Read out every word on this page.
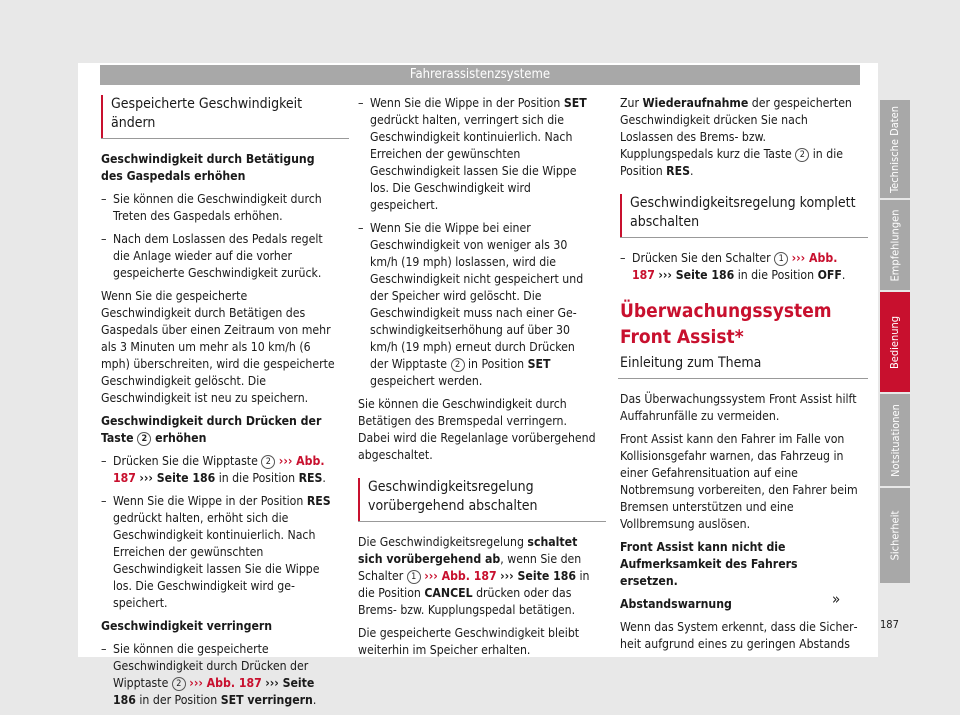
Fahrerassistenzsysteme
Gespeicherte Geschwindigkeit ändern

Geschwindigkeit durch Betätigung des Gaspedals erhöhen

– Sie können die Geschwindigkeit durch Treten des Gaspedals erhöhen.

– Nach dem Loslassen des Pedals regelt die Anlage wieder auf die vorher gespeicherte Geschwindigkeit zurück.

Wenn Sie die gespeicherte Geschwindigkeit durch Betätigen des Gaspedals über einen Zeitraum von mehr als 3 Minuten um mehr als 10 km/h (6 mph) überschreiten, wird die gespeicherte Geschwindigkeit gelöscht. Die Geschwindigkeit ist neu zu speichern.

Geschwindigkeit durch Drücken der Taste 2 erhöhen

– Drücken Sie die Wipptaste 2 ››› Abb. 187 ››› Seite 186 in die Position RES.

– Wenn Sie die Wippe in der Position RES gedrückt halten, erhöht sich die Geschwindigkeit kontinuierlich. Nach Erreichen der gewünschten Geschwindigkeit lassen Sie die Wippe los. Die Geschwindigkeit wird gespeichert.

Geschwindigkeit verringern

– Sie können die gespeicherte Geschwindigkeit durch Drücken der Wipptaste 2 ››› Abb. 187 ››› Seite 186 in der Position SET verringern.

– Wenn Sie die Wippe in der Position SET gedrückt halten, verringert sich die Geschwindigkeit kontinuierlich. Nach Erreichen der gewünschten Geschwindigkeit lassen Sie die Wippe los. Die Geschwindigkeit wird gespeichert.

– Wenn Sie die Wippe bei einer Geschwindigkeit von weniger als 30 km/h (19 mph) loslassen, wird die Geschwindigkeit nicht gespeichert und der Speicher wird gelöscht. Die Geschwindigkeit muss nach einer Geschwindigkeitserhöhung auf über 30 km/h (19 mph) erneut durch Drücken der Wipptaste 2 in Position SET gespeichert werden.

Sie können die Geschwindigkeit durch Betätigen des Bremspedal verringern. Dabei wird die Regelanlage vorübergehend abgeschaltet.

Geschwindigkeitsregelung vorübergehend abschalten

Die Geschwindigkeitsregelung schaltet sich vorübergehend ab, wenn Sie den Schalter 1 ››› Abb. 187 ››› Seite 186 in die Position CANCEL drücken oder das Brems- bzw. Kupplungspedal betätigen.

Die gespeicherte Geschwindigkeit bleibt weiterhin im Speicher erhalten.

Zur Wiederaufnahme der gespeicherten Geschwindigkeit drücken Sie nach Loslassen des Brems- bzw. Kupplungspedals kurz die Taste 2 in die Position RES.

Geschwindigkeitsregelung komplett abschalten

– Drücken Sie den Schalter 1 ››› Abb. 187 ››› Seite 186 in die Position OFF.

Überwachungssystem Front Assist*
Einleitung zum Thema

Das Überwachungssystem Front Assist hilft Auffahrunfälle zu vermeiden.

Front Assist kann den Fahrer im Falle von Kollisionsgefahr warnen, das Fahrzeug in einer Gefahrensituation auf eine Notbremsung vorbereiten, den Fahrer beim Bremsen unterstützen und eine Vollbremsung auslösen.

Front Assist kann nicht die Aufmerksamkeit des Fahrers ersetzen.

Abstandswarnung

Wenn das System erkennt, dass die Sicherheit aufgrund eines zu geringen Abstands

»
Technische Daten
Empfehlungen
Bedienung
Notsituationen
Sicherheit
187
